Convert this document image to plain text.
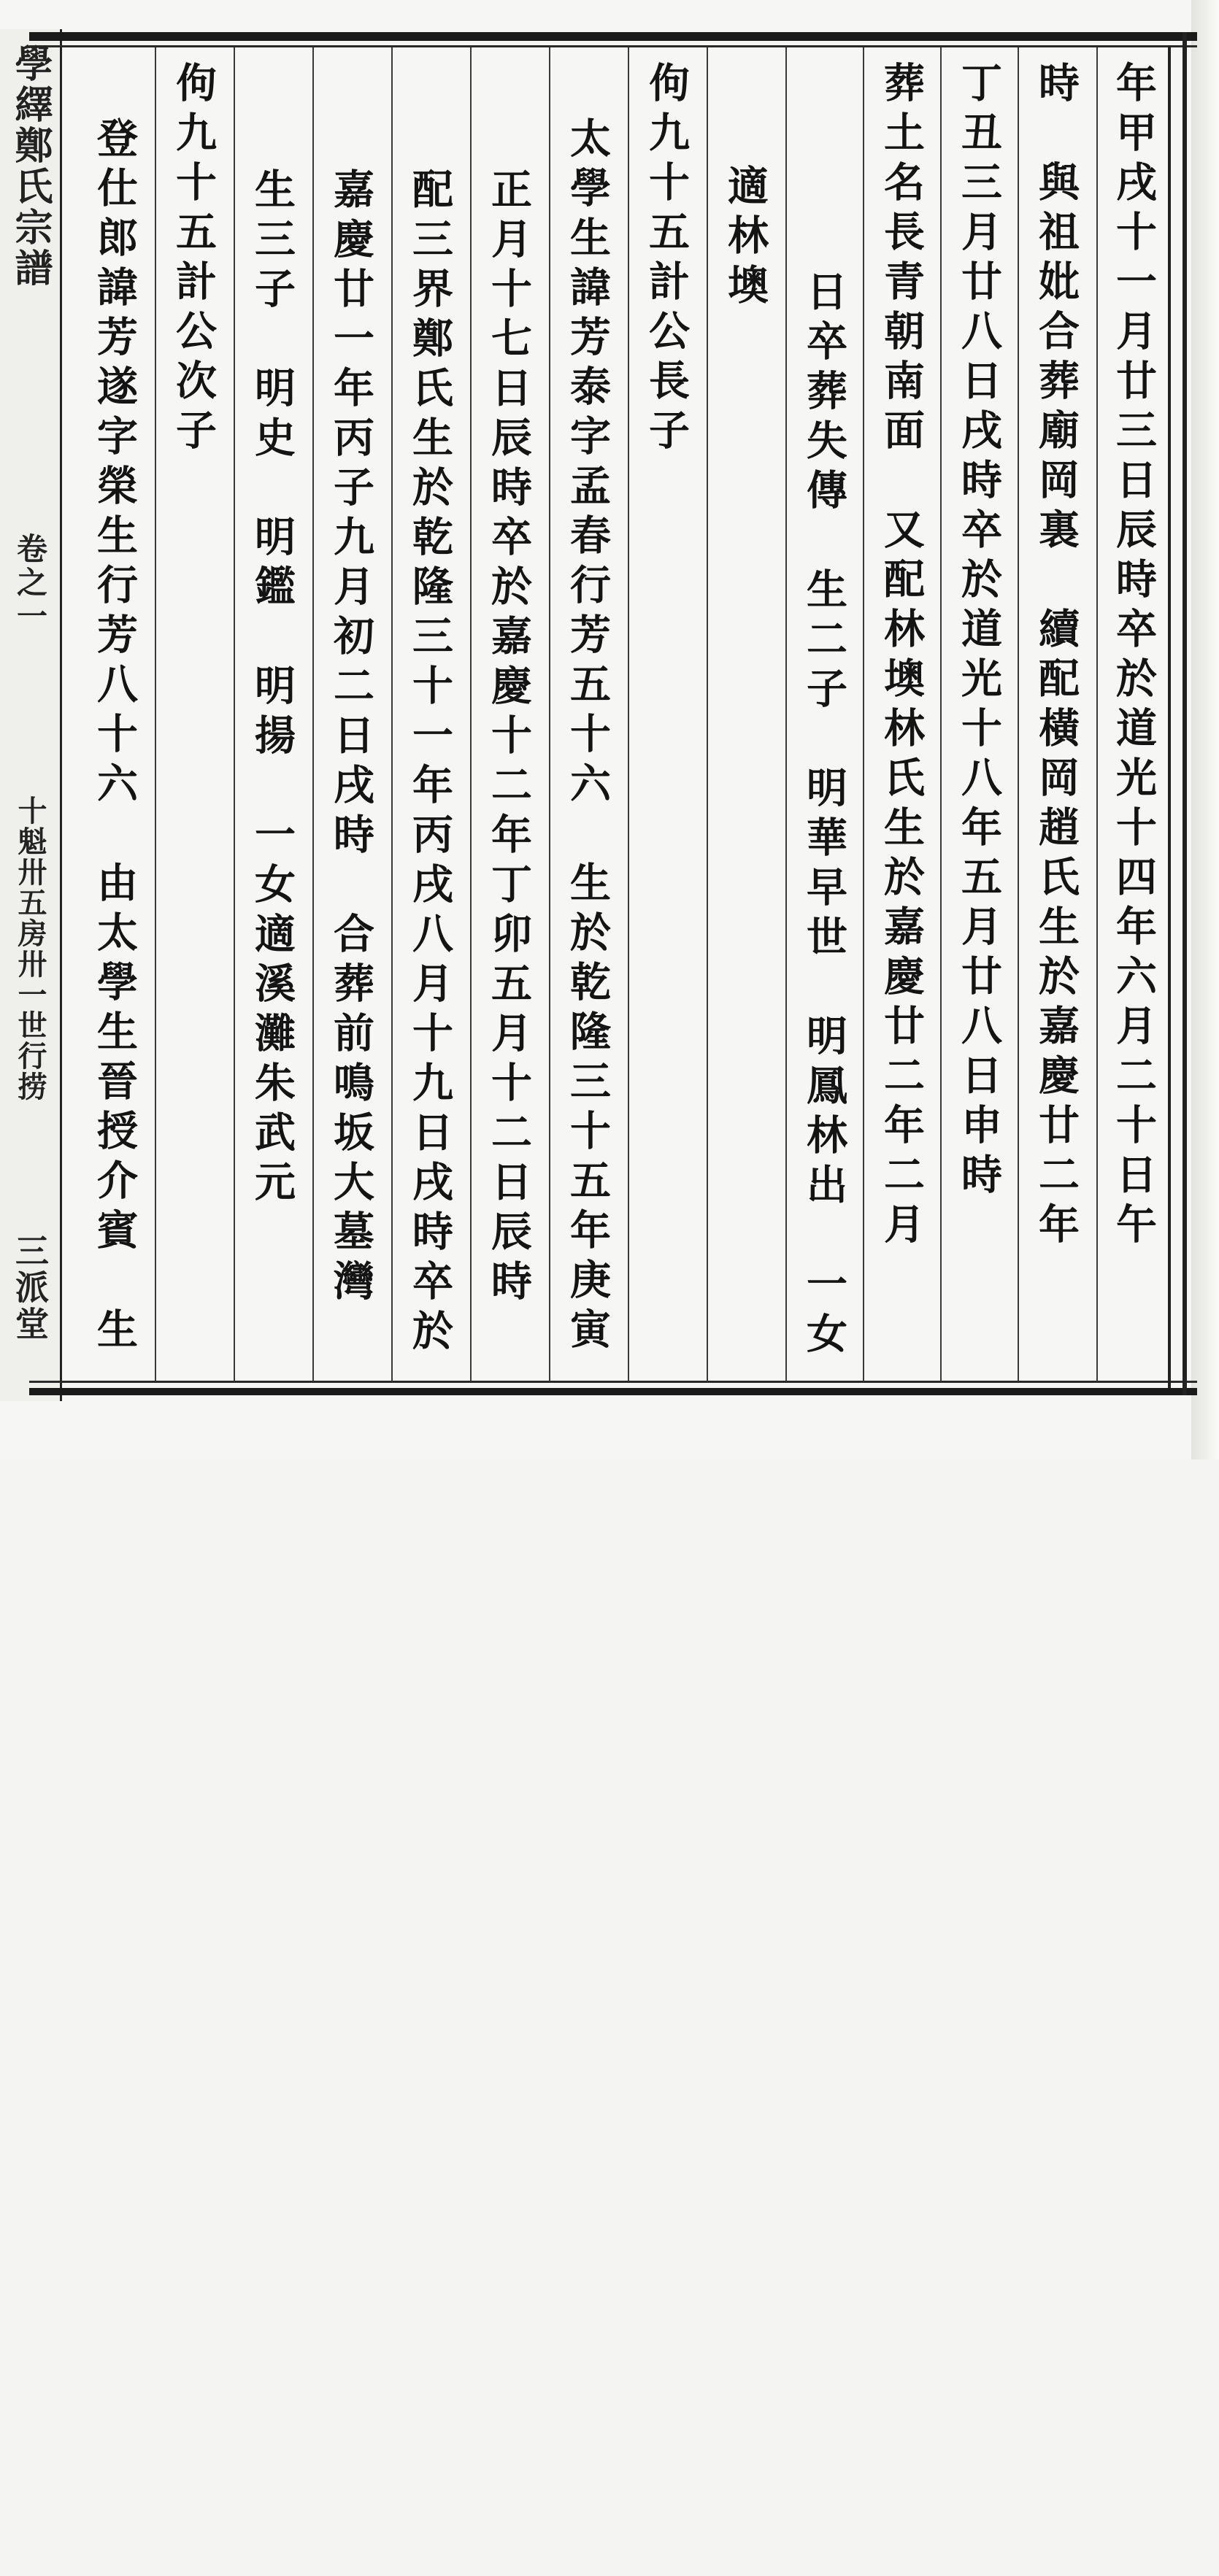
學繹鄭氏宗譜
卷之一
十魁卅五房卅一世行捞
三派堂
年甲戌十一月廿三日辰時卒於道光十四年六月二十日午
時　與祖妣合葬廟岡裏　續配橫岡趙氏生於嘉慶廿二年
丁丑三月廿八日戌時卒於道光十八年五月廿八日申時
葬土名長青朝南面　又配林墺林氏生於嘉慶廿二年二月
日卒葬失傳　生二子　明華早世　明鳳林出　一女
適林墺
佝九十五計公長子
太學生諱芳泰字孟春行芳五十六　生於乾隆三十五年庚寅
正月十七日辰時卒於嘉慶十二年丁卯五月十二日辰時
配三界鄭氏生於乾隆三十一年丙戌八月十九日戌時卒於
嘉慶廿一年丙子九月初二日戌時　合葬前鳴坂大墓灣
生三子　明史　明鑑　明揚　一女適溪灘朱武元
佝九十五計公次子
登仕郎諱芳遂字榮生行芳八十六　由太學生晉授介賓　生
